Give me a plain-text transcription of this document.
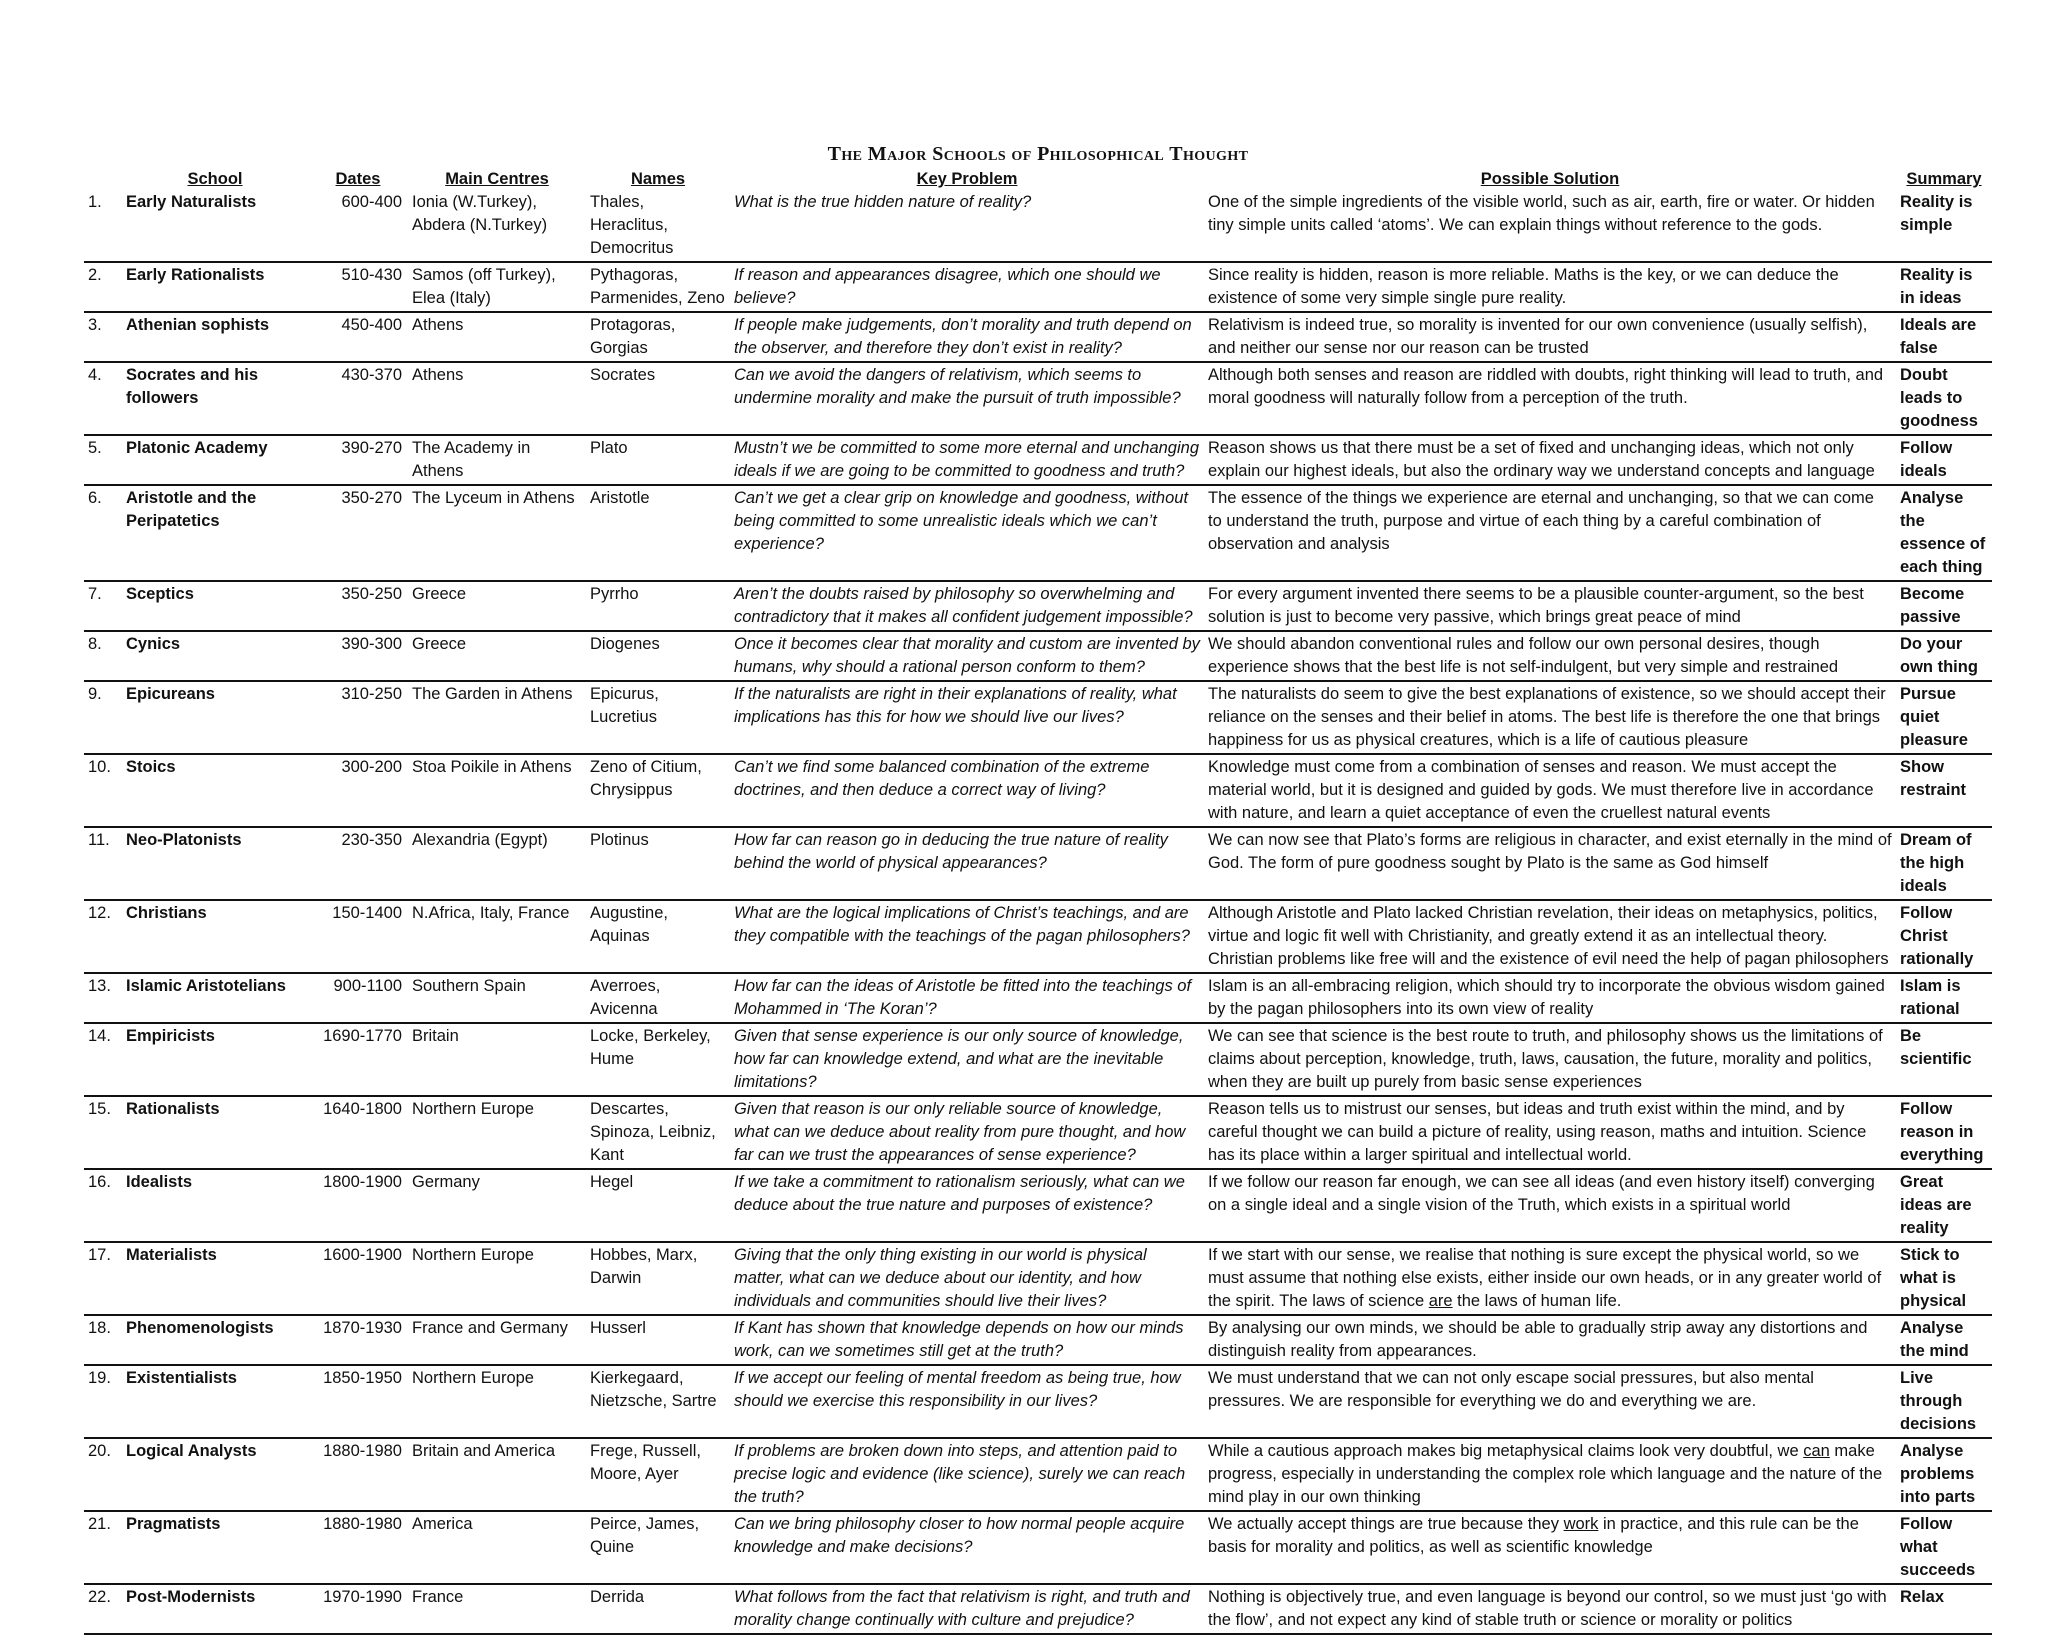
The Major Schools of Philosophical Thought
	School	Dates	Main Centres	Names	Key Problem	Possible Solution	Summary
1.	Early Naturalists	600-400	Ionia (W.Turkey), Abdera (N.Turkey)	Thales, Heraclitus, Democritus	What is the true hidden nature of reality?	One of the simple ingredients of the visible world, such as air, earth, fire or water. Or hidden tiny simple units called ‘atoms’. We can explain things without reference to the gods.	Reality is simple
2.	Early Rationalists	510-430	Samos (off Turkey), Elea (Italy)	Pythagoras, Parmenides, Zeno	If reason and appearances disagree, which one should we believe?	Since reality is hidden, reason is more reliable. Maths is the key, or we can deduce the existence of some very simple single pure reality.	Reality is in ideas
3.	Athenian sophists	450-400	Athens	Protagoras, Gorgias	If people make judgements, don’t morality and truth depend on the observer, and therefore they don’t exist in reality?	Relativism is indeed true, so morality is invented for our own convenience (usually selfish), and neither our sense nor our reason can be trusted	Ideals are false
4.	Socrates and his followers	430-370	Athens	Socrates	Can we avoid the dangers of relativism, which seems to undermine morality and make the pursuit of truth impossible?	Although both senses and reason are riddled with doubts, right thinking will lead to truth, and moral goodness will naturally follow from a perception of the truth.	Doubt leads to goodness
5.	Platonic Academy	390-270	The Academy in Athens	Plato	Mustn’t we be committed to some more eternal and unchanging ideals if we are going to be committed to goodness and truth?	Reason shows us that there must be a set of fixed and unchanging ideas, which not only explain our highest ideals, but also the ordinary way we understand concepts and language	Follow ideals
6.	Aristotle and the Peripatetics	350-270	The Lyceum in Athens	Aristotle	Can’t we get a clear grip on knowledge and goodness, without being committed to some unrealistic ideals which we can’t experience?	The essence of the things we experience are eternal and unchanging, so that we can come to understand the truth, purpose and virtue of each thing by a careful combination of observation and analysis	Analyse the essence of each thing
7.	Sceptics	350-250	Greece	Pyrrho	Aren’t the doubts raised by philosophy so overwhelming and contradictory that it makes all confident judgement impossible?	For every argument invented there seems to be a plausible counter-argument, so the best solution is just to become very passive, which brings great peace of mind	Become passive
8.	Cynics	390-300	Greece	Diogenes	Once it becomes clear that morality and custom are invented by humans, why should a rational person conform to them?	We should abandon conventional rules and follow our own personal desires, though experience shows that the best life is not self-indulgent, but very simple and restrained	Do your own thing
9.	Epicureans	310-250	The Garden in Athens	Epicurus, Lucretius	If the naturalists are right in their explanations of reality, what implications has this for how we should live our lives?	The naturalists do seem to give the best explanations of existence, so we should accept their reliance on the senses and their belief in atoms. The best life is therefore the one that brings happiness for us as physical creatures, which is a life of cautious pleasure	Pursue quiet pleasure
10.	Stoics	300-200	Stoa Poikile in Athens	Zeno of Citium, Chrysippus	Can’t we find some balanced combination of the extreme doctrines, and then deduce a correct way of living?	Knowledge must come from a combination of senses and reason. We must accept the material world, but it is designed and guided by gods. We must therefore live in accordance with nature, and learn a quiet acceptance of even the cruellest natural events	Show restraint
11.	Neo-Platonists	230-350	Alexandria (Egypt)	Plotinus	How far can reason go in deducing the true nature of reality behind the world of physical appearances?	We can now see that Plato’s forms are religious in character, and exist eternally in the mind of God. The form of pure goodness sought by Plato is the same as God himself	Dream of the high ideals
12.	Christians	150-1400	N.Africa, Italy, France	Augustine, Aquinas	What are the logical implications of Christ’s teachings, and are they compatible with the teachings of the pagan philosophers?	Although Aristotle and Plato lacked Christian revelation, their ideas on metaphysics, politics, virtue and logic fit well with Christianity, and greatly extend it as an intellectual theory. Christian problems like free will and the existence of evil need the help of pagan philosophers	Follow Christ rationally
13.	Islamic Aristotelians	900-1100	Southern Spain	Averroes, Avicenna	How far can the ideas of Aristotle be fitted into the teachings of Mohammed in ‘The Koran’?	Islam is an all-embracing religion, which should try to incorporate the obvious wisdom gained by the pagan philosophers into its own view of reality	Islam is rational
14.	Empiricists	1690-1770	Britain	Locke, Berkeley, Hume	Given that sense experience is our only source of knowledge, how far can knowledge extend, and what are the inevitable limitations?	We can see that science is the best route to truth, and philosophy shows us the limitations of claims about perception, knowledge, truth, laws, causation, the future, morality and politics, when they are built up purely from basic sense experiences	Be scientific
15.	Rationalists	1640-1800	Northern Europe	Descartes, Spinoza, Leibniz, Kant	Given that reason is our only reliable source of knowledge, what can we deduce about reality from pure thought, and how far can we trust the appearances of sense experience?	Reason tells us to mistrust our senses, but ideas and truth exist within the mind, and by careful thought we can build a picture of reality, using reason, maths and intuition. Science has its place within a larger spiritual and intellectual world.	Follow reason in everything
16.	Idealists	1800-1900	Germany	Hegel	If we take a commitment to rationalism seriously, what can we deduce about the true nature and purposes of existence?	If we follow our reason far enough, we can see all ideas (and even history itself) converging on a single ideal and a single vision of the Truth, which exists in a spiritual world	Great ideas are reality
17.	Materialists	1600-1900	Northern Europe	Hobbes, Marx, Darwin	Giving that the only thing existing in our world is physical matter, what can we deduce about our identity, and how individuals and communities should live their lives?	If we start with our sense, we realise that nothing is sure except the physical world, so we must assume that nothing else exists, either inside our own heads, or in any greater world of the spirit. The laws of science are the laws of human life.	Stick to what is physical
18.	Phenomenologists	1870-1930	France and Germany	Husserl	If Kant has shown that knowledge depends on how our minds work, can we sometimes still get at the truth?	By analysing our own minds, we should be able to gradually strip away any distortions and distinguish reality from appearances.	Analyse the mind
19.	Existentialists	1850-1950	Northern Europe	Kierkegaard, Nietzsche, Sartre	If we accept our feeling of mental freedom as being true, how should we exercise this responsibility in our lives?	We must understand that we can not only escape social pressures, but also mental pressures. We are responsible for everything we do and everything we are.	Live through decisions
20.	Logical Analysts	1880-1980	Britain and America	Frege, Russell, Moore, Ayer	If problems are broken down into steps, and attention paid to precise logic and evidence (like science), surely we can reach the truth?	While a cautious approach makes big metaphysical claims look very doubtful, we can make progress, especially in understanding the complex role which language and the nature of the mind play in our own thinking	Analyse problems into parts
21.	Pragmatists	1880-1980	America	Peirce, James, Quine	Can we bring philosophy closer to how normal people acquire knowledge and make decisions?	We actually accept things are true because they work in practice, and this rule can be the basis for morality and politics, as well as scientific knowledge	Follow what succeeds
22.	Post-Modernists	1970-1990	France	Derrida	What follows from the fact that relativism is right, and truth and morality change continually with culture and prejudice?	Nothing is objectively true, and even language is beyond our control, so we must just ‘go with the flow’, and not expect any kind of stable truth or science or morality or politics	Relax
